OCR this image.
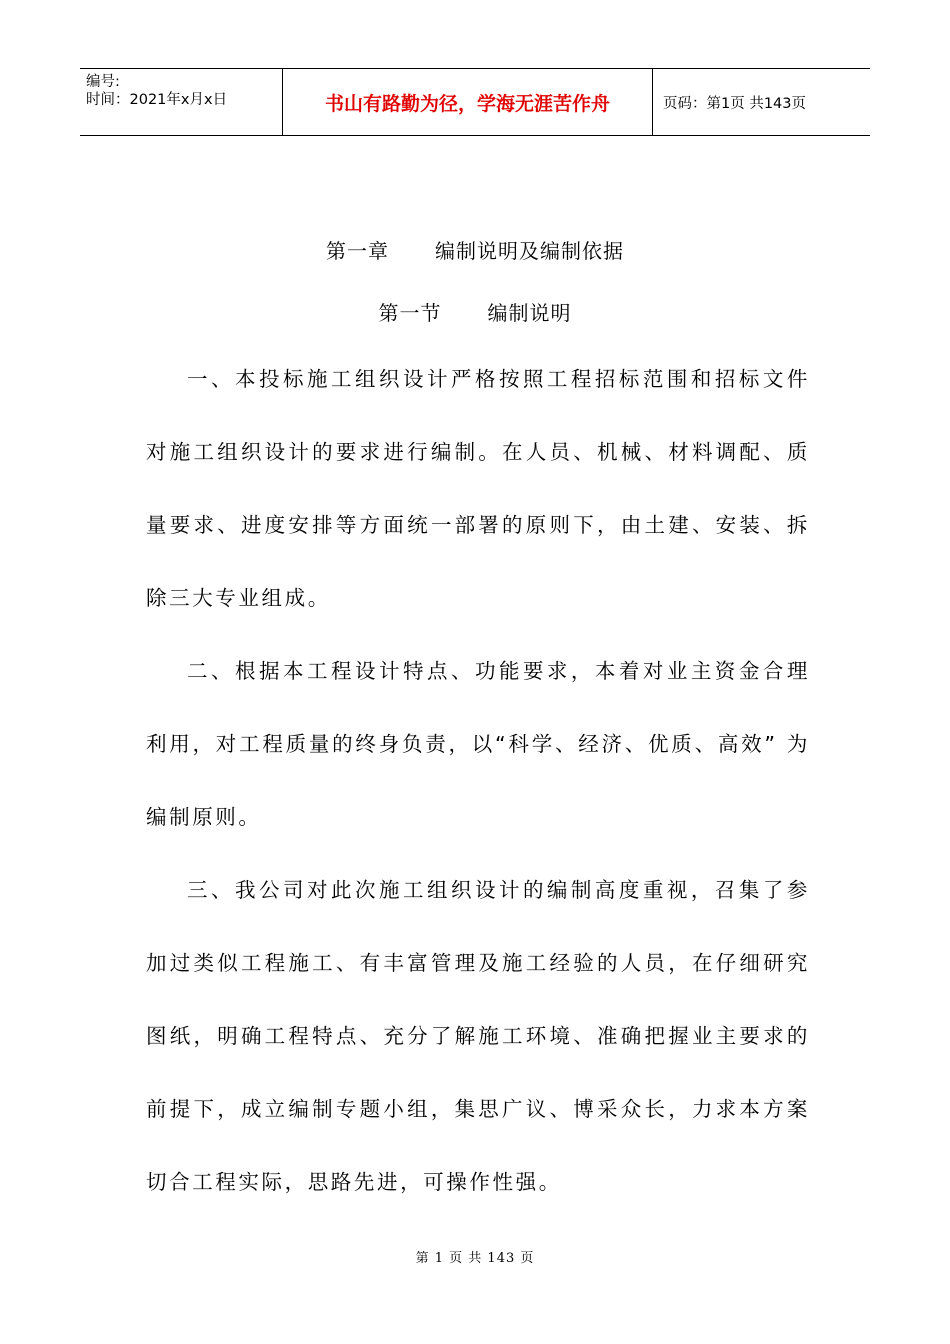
编号:
时间：2021年x月x日	书山有路勤为径，学海无涯苦作舟	页码：第1页 共143页
第一章 编制说明及编制依据
第一节 编制说明

一、本投标施工组织设计严格按照工程招标范围和招标文件对施工组织设计的要求进行编制。在人员、机械、材料调配、质量要求、进度安排等方面统一部署的原则下，由土建、安装、拆除三大专业组成。

二、根据本工程设计特点、功能要求，本着对业主资金合理利用，对工程质量的终身负责，以“科学、经济、优质、高效” 为编制原则。

三、我公司对此次施工组织设计的编制高度重视，召集了参加过类似工程施工、有丰富管理及施工经验的人员，在仔细研究图纸，明确工程特点、充分了解施工环境、准确把握业主要求的前提下，成立编制专题小组，集思广议、博采众长，力求本方案切合工程实际，思路先进，可操作性强。

第 1 页 共 143 页
